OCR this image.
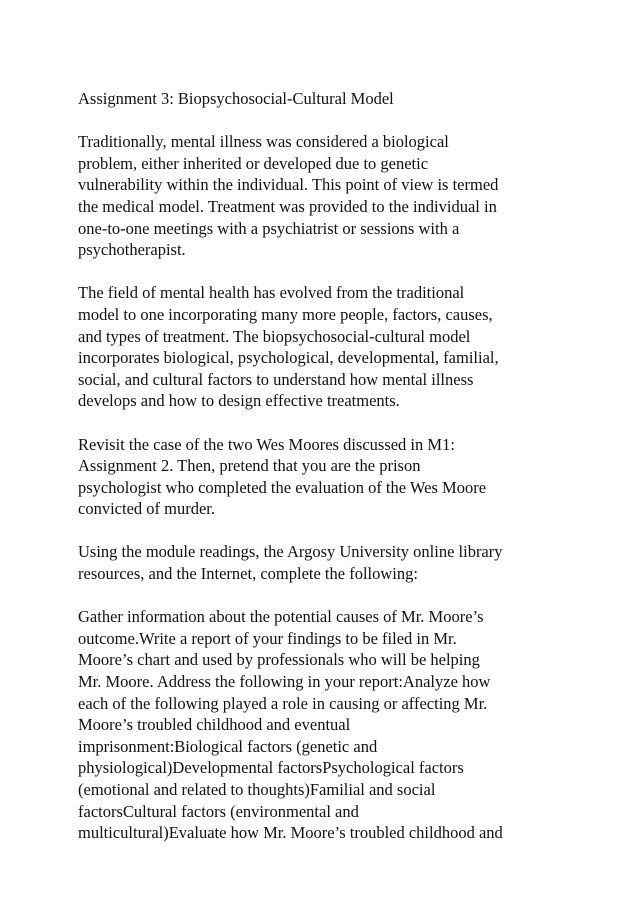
Assignment 3: Biopsychosocial-Cultural Model
Traditionally, mental illness was considered a biological
problem, either inherited or developed due to genetic
vulnerability within the individual. This point of view is termed
the medical model. Treatment was provided to the individual in
one-to-one meetings with a psychiatrist or sessions with a
psychotherapist.
The field of mental health has evolved from the traditional
model to one incorporating many more people, factors, causes,
and types of treatment. The biopsychosocial-cultural model
incorporates biological, psychological, developmental, familial,
social, and cultural factors to understand how mental illness
develops and how to design effective treatments.
Revisit the case of the two Wes Moores discussed in M1:
Assignment 2. Then, pretend that you are the prison
psychologist who completed the evaluation of the Wes Moore
convicted of murder.
Using the module readings, the Argosy University online library
resources, and the Internet, complete the following:
Gather information about the potential causes of Mr. Moore’s
outcome.Write a report of your findings to be filed in Mr.
Moore’s chart and used by professionals who will be helping
Mr. Moore. Address the following in your report:Analyze how
each of the following played a role in causing or affecting Mr.
Moore’s troubled childhood and eventual
imprisonment:Biological factors (genetic and
physiological)Developmental factorsPsychological factors
(emotional and related to thoughts)Familial and social
factorsCultural factors (environmental and
multicultural)Evaluate how Mr. Moore’s troubled childhood and
